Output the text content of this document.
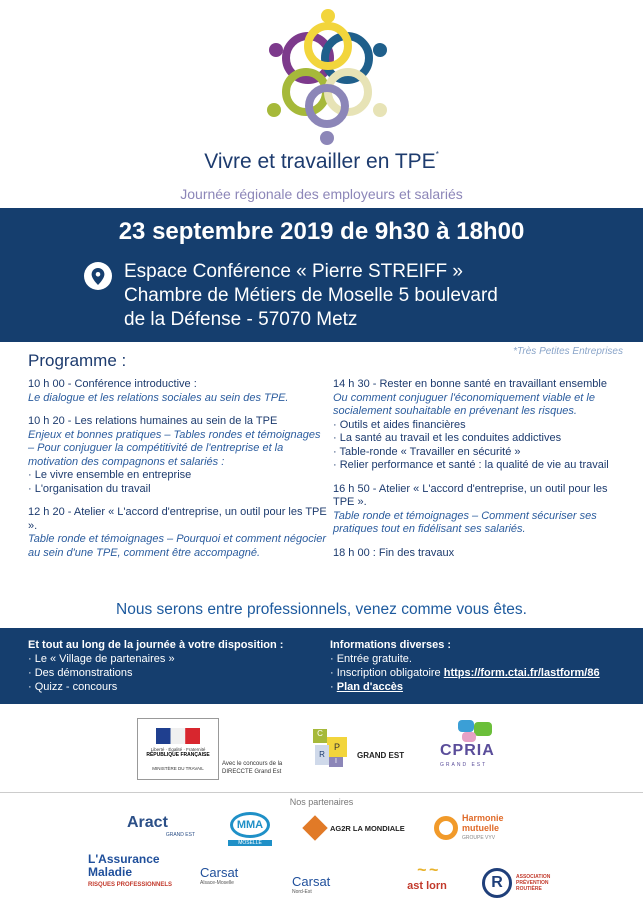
Vivre et travailler en TPE*
Journée régionale des employeurs et salariés
23 septembre 2019 de 9h30 à 18h00
Espace Conférence « Pierre STREIFF »
Chambre de Métiers de Moselle 5 boulevard
de la Défense - 57070 Metz
*Très Petites Entreprises
Programme :
10 h 00 - Conférence introductive :
Le dialogue et les relations sociales au sein des TPE.
10 h 20 - Les relations humaines au sein de la TPE
Enjeux et bonnes pratiques – Tables rondes et témoignages – Pour conjuguer la compétitivité de l'entreprise et la motivation des compagnons et salariés :
· Le vivre ensemble en entreprise
· L'organisation du travail
12 h 20 - Atelier « L'accord d'entreprise, un outil pour les TPE ».
Table ronde et témoignages – Pourquoi et comment négocier au sein d'une TPE, comment être accompagné.
14 h 30 - Rester en bonne santé en travaillant ensemble
Ou comment conjuguer l'économiquement viable et le socialement souhaitable en prévenant les risques.
· Outils et aides financières
· La santé au travail et les conduites addictives
· Table-ronde « Travailler en sécurité »
· Relier performance et santé : la qualité de vie au travail
16 h 50 - Atelier « L'accord d'entreprise, un outil pour les TPE ».
Table ronde et témoignages – Comment sécuriser ses pratiques tout en fidélisant ses salariés.
18 h 00 : Fin des travaux
Nous serons entre professionnels, venez comme vous êtes.
Et tout au long de la journée à votre disposition :
· Le « Village de partenaires »
· Des démonstrations
· Quizz - concours
Informations diverses :
· Entrée gratuite.
· Inscription obligatoire https://form.ctai.fr/lastform/86
· Plan d'accès
Liberté · Égalité · Fraternité
RÉPUBLIQUE FRANÇAISE
MINISTÈRE DU TRAVAIL
Avec le concours de la
DIRECCTE Grand Est
C
P
R
I
GRAND EST CPRIA
GRAND EST
Nos partenaires
Aract
GRAND EST
MMA
MOSELLE
AG2R LA MONDIALE
Harmonie mutuelle
GROUPE VYV
L'Assurance Maladie
RISQUES PROFESSIONNELS
Carsat
Alsace-Moselle	Carsat
Nord-Est
~ ~
ast lorn	R	ASSOCIATION PRÉVENTION ROUTIÈRE
